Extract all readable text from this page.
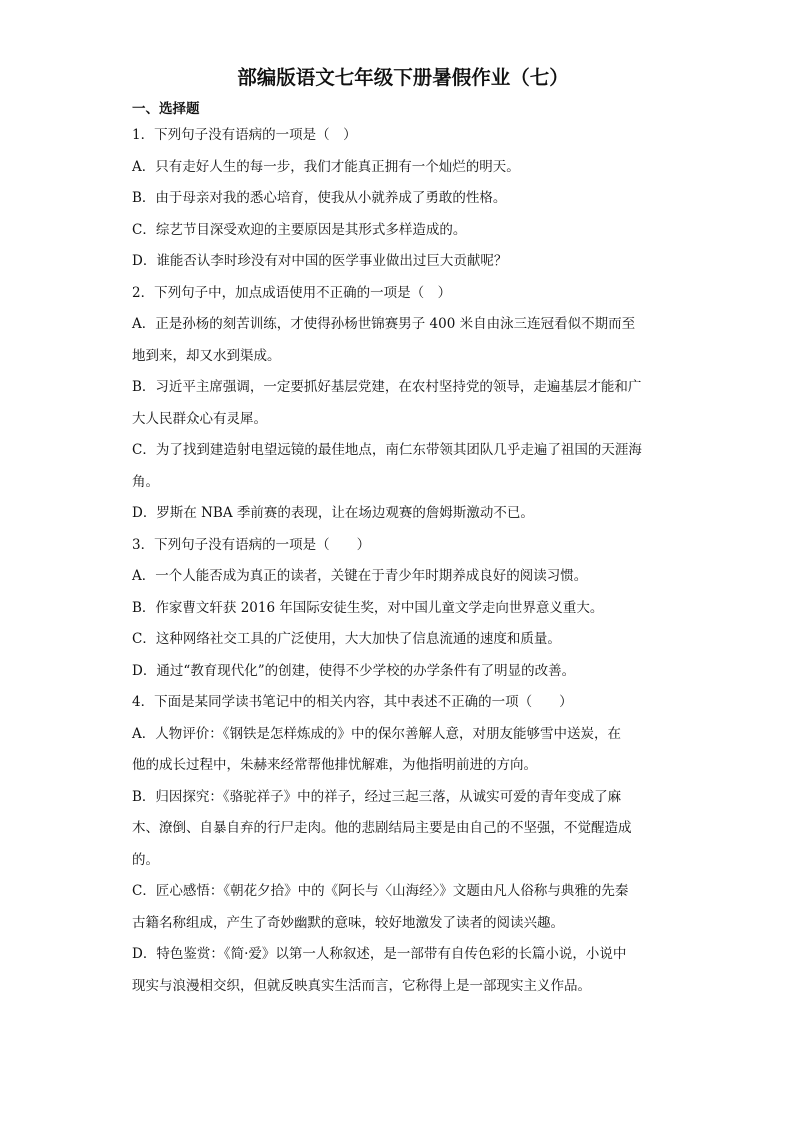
部编版语文七年级下册暑假作业（七）
一、选择题
1．下列句子没有语病的一项是（　）
A．只有走好人生的每一步，我们才能真正拥有一个灿烂的明天。
B．由于母亲对我的悉心培育，使我从小就养成了勇敢的性格。
C．综艺节目深受欢迎的主要原因是其形式多样造成的。
D．谁能否认李时珍没有对中国的医学事业做出过巨大贡献呢？
2．下列句子中，加点成语使用不正确的一项是（　）
A．正是孙杨的刻苦训练，才使得孙杨世锦赛男子 400 米自由泳三连冠看似不期而至
地到来，却又水到渠成。
B．习近平主席强调，一定要抓好基层党建，在农村坚持党的领导，走遍基层才能和广
大人民群众心有灵犀。
C．为了找到建造射电望远镜的最佳地点，南仁东带领其团队几乎走遍了祖国的天涯海
角。
D．罗斯在 NBA 季前赛的表现，让在场边观赛的詹姆斯激动不已。
3．下列句子没有语病的一项是（　　）
A．一个人能否成为真正的读者，关键在于青少年时期养成良好的阅读习惯。
B．作家曹文轩获 2016 年国际安徒生奖，对中国儿童文学走向世界意义重大。
C．这种网络社交工具的广泛使用，大大加快了信息流通的速度和质量。
D．通过“教育现代化”的创建，使得不少学校的办学条件有了明显的改善。
4．下面是某同学读书笔记中的相关内容，其中表述不正确的一项（　　）
A．人物评价：《钢铁是怎样炼成的》中的保尔善解人意，对朋友能够雪中送炭，在
他的成长过程中，朱赫来经常帮他排忧解难，为他指明前进的方向。
B．归因探究：《骆驼祥子》中的祥子，经过三起三落，从诚实可爱的青年变成了麻
木、潦倒、自暴自弃的行尸走肉。他的悲剧结局主要是由自己的不坚强，不觉醒造成
的。
C．匠心感悟：《朝花夕拾》中的《阿长与〈山海经〉》文题由凡人俗称与典雅的先秦
古籍名称组成，产生了奇妙幽默的意味，较好地激发了读者的阅读兴趣。
D．特色鉴赏：《简·爱》以第一人称叙述，是一部带有自传色彩的长篇小说，小说中
现实与浪漫相交织，但就反映真实生活而言，它称得上是一部现实主义作品。
